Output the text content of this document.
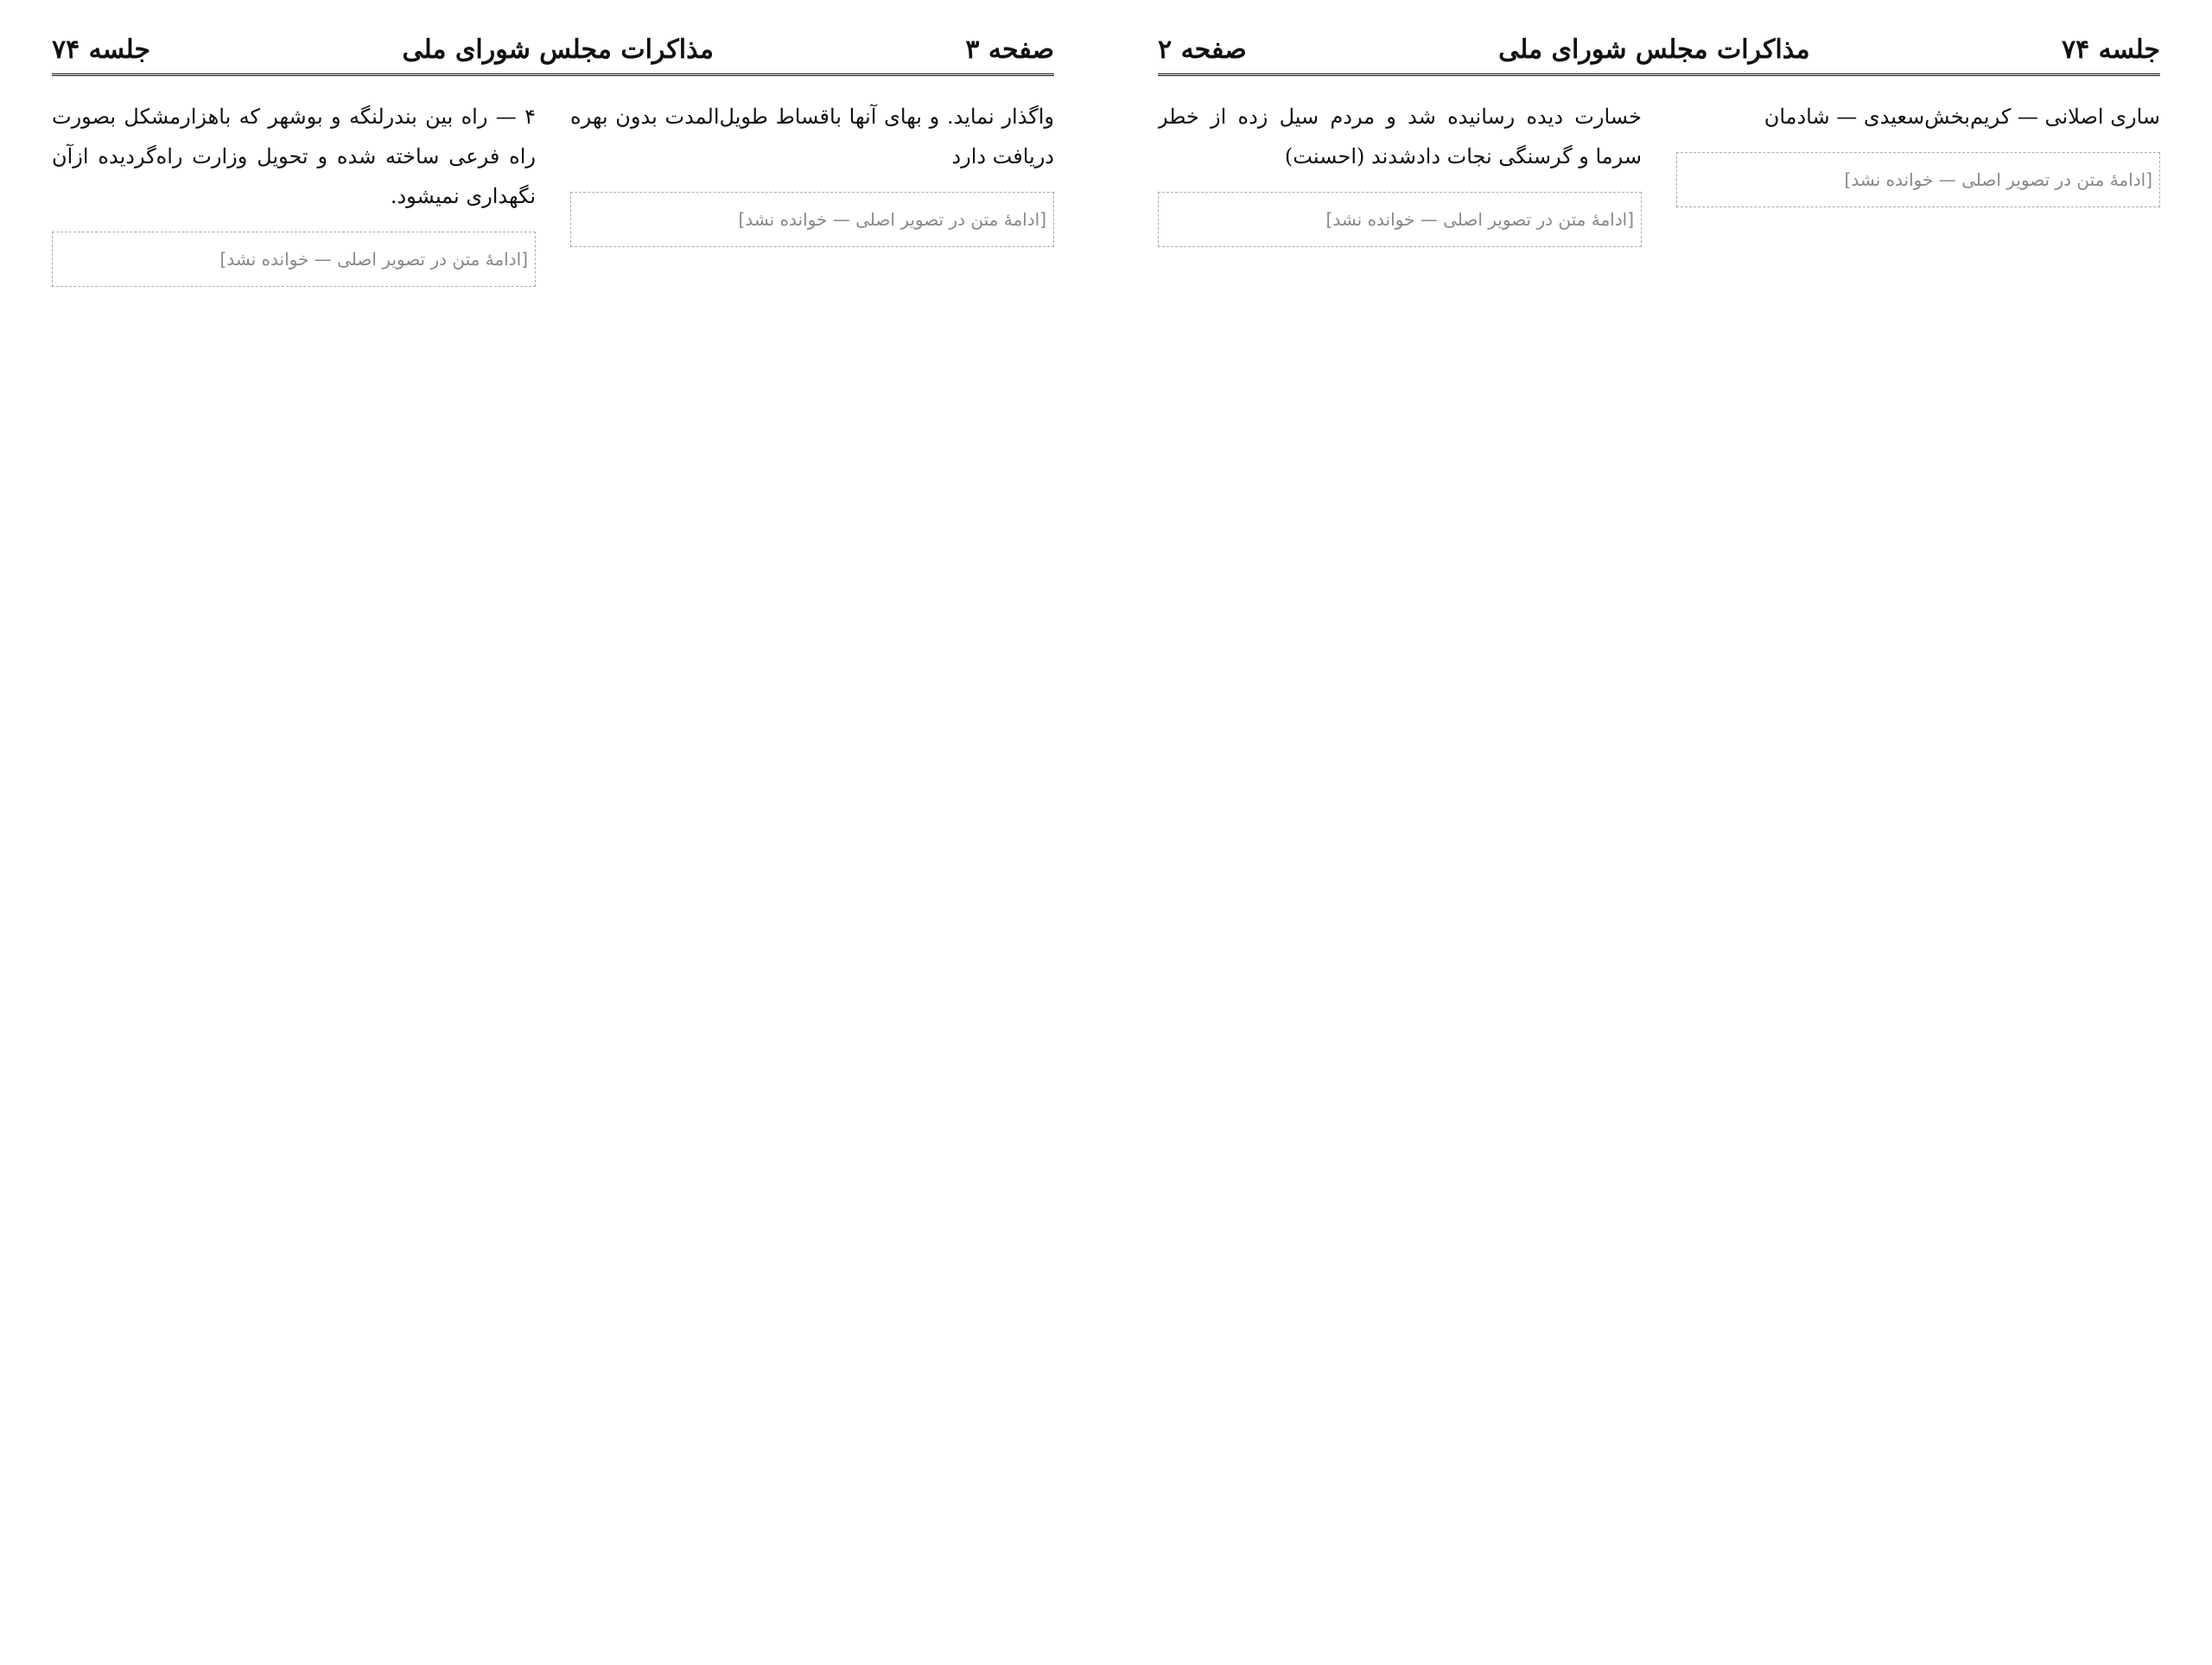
صفحه ۲	مذاکرات مجلس شورای ملی	جلسه ۷۴

ساری اصلانی — کریم‌بخش‌سعیدی — شادمان

[ادامهٔ متن در تصویر اصلی — خوانده نشد]

خسارت دیده رسانیده شد و مردم سیل زده از خطر سرما و گرسنگی نجات دادشدند (احسنت)

[ادامهٔ متن در تصویر اصلی — خوانده نشد]

جلسه ۷۴	مذاکرات مجلس شورای ملی	صفحه ۳

واگذار نماید. و بهای آنها باقساط طویل‌المدت بدون بهره دریافت دارد

[ادامهٔ متن در تصویر اصلی — خوانده نشد]

۴ — راه بین بندرلنگه و بوشهر که باهزارمشکل بصورت راه فرعی ساخته شده و تحویل وزارت راه‌گردیده ازآن نگهداری نمیشود.

[ادامهٔ متن در تصویر اصلی — خوانده نشد]
